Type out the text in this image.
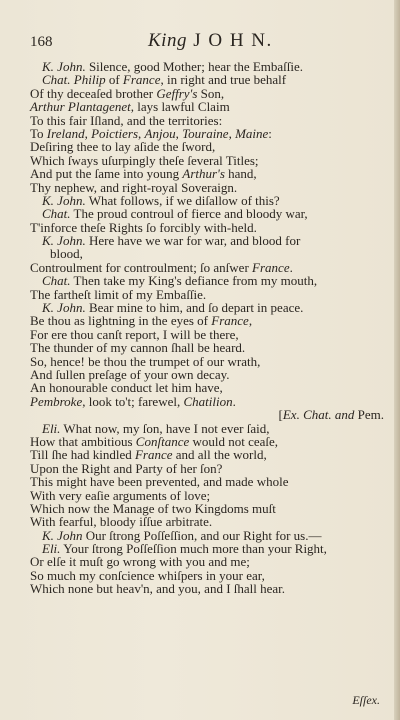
168	King J O H N.
K. John. Silence, good Mother; hear the Embaſſie.
Chat. Philip of France, in right and true behalf
Of thy deceaſed brother Geffry's Son,
Arthur Plantagenet, lays lawful Claim
To this fair Iſland, and the territories:
To Ireland, Poictiers, Anjou, Touraine, Maine:
Deſiring thee to lay aſide the ſword,
Which ſways uſurpingly theſe ſeveral Titles;
And put the ſame into young Arthur's hand,
Thy nephew, and right-royal Soveraign.
K. John. What follows, if we diſallow of this?
Chat. The proud controul of fierce and bloody war,
T'inforce theſe Rights ſo forcibly with-held.
K. John. Here have we war for war, and blood for
blood,
Controulment for controulment; ſo anſwer France.
Chat. Then take my King's defiance from my mouth,
The fartheſt limit of my Embaſſie.
K. John. Bear mine to him, and ſo depart in peace.
Be thou as lightning in the eyes of France,
For ere thou canſt report, I will be there,
The thunder of my cannon ſhall be heard.
So, hence! be thou the trumpet of our wrath,
And ſullen preſage of your own decay.
An honourable conduct let him have,
Pembroke, look to't; farewel, Chatilion.
[Ex. Chat. and Pem.
Eli. What now, my ſon, have I not ever ſaid,
How that ambitious Conſtance would not ceaſe,
Till ſhe had kindled France and all the world,
Upon the Right and Party of her ſon?
This might have been prevented, and made whole
With very eaſie arguments of love;
Which now the Manage of two Kingdoms muſt
With fearful, bloody iſſue arbitrate.
K. John Our ſtrong Poſſeſſion, and our Right for us.—
Eli. Your ſtrong Poſſeſſion much more than your Right,
Or elſe it muſt go wrong with you and me;
So much my conſcience whiſpers in your ear,
Which none but heav'n, and you, and I ſhall hear.
Eſſex.
